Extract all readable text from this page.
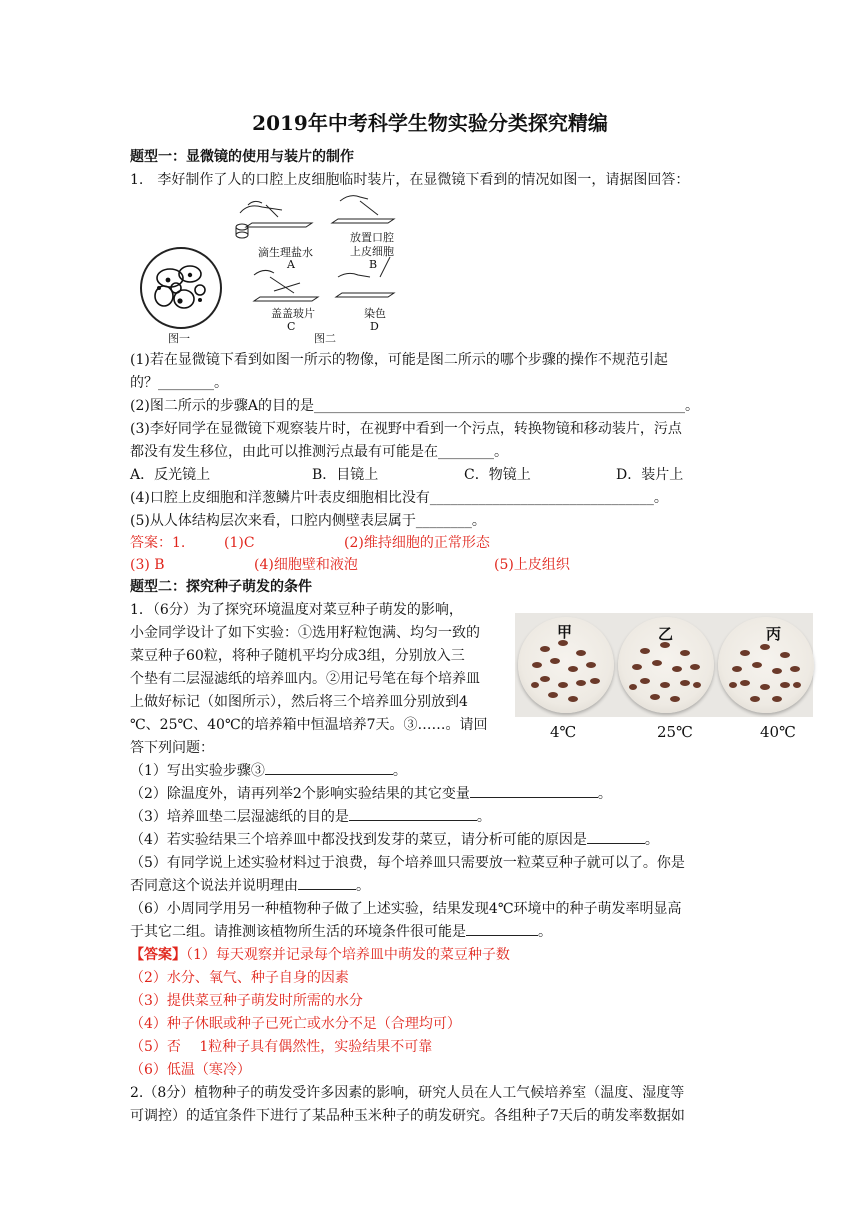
2019年中考科学生物实验分类探究精编
题型一：显微镜的使用与装片的制作
1.　李好制作了人的口腔上皮细胞临时装片，在显微镜下看到的情况如图一，请据图回答：
图一
滴生理盐水
A
放置口腔
上皮细胞
B
盖盖玻片
C
染色
D
图二
(1)若在显微镜下看到如图一所示的物像，可能是图二所示的哪个步骤的操作不规范引起
的？________。
(2)图二所示的步骤A的目的是_____________________________________________________。
(3)李好同学在显微镜下观察装片时，在视野中看到一个污点，转换物镜和移动装片，污点
都没有发生移位，由此可以推测污点最有可能是在________。
A．反光镜上	B．目镜上	C．物镜上	D．装片上
(4)口腔上皮细胞和洋葱鳞片叶表皮细胞相比没有________________________________。
(5)从人体结构层次来看，口腔内侧壁表层属于________。
答案：1.	(1)C	(2)维持细胞的正常形态
(3) B	(4)细胞壁和液泡	(5)上皮组织
题型二：探究种子萌发的条件
1．（6分）为了探究环境温度对菜豆种子萌发的影响，
小金同学设计了如下实验：①选用籽粒饱满、均匀一致的
菜豆种子60粒，将种子随机平均分成3组，分别放入三
个垫有二层湿滤纸的培养皿内。②用记号笔在每个培养皿
上做好标记（如图所示），然后将三个培养皿分别放到4
℃、25℃、40℃的培养箱中恒温培养7天。③……。请回
答下列问题：
甲	乙	丙
4℃	25℃	40℃
（1）写出实验步骤③	。
（2）除温度外，请再列举2个影响实验结果的其它变量	。
（3）培养皿垫二层湿滤纸的目的是	。
（4）若实验结果三个培养皿中都没找到发芽的菜豆，请分析可能的原因是	。
（5）有同学说上述实验材料过于浪费，每个培养皿只需要放一粒菜豆种子就可以了。你是
否同意这个说法并说明理由	。
（6）小周同学用另一种植物种子做了上述实验，结果发现4℃环境中的种子萌发率明显高
于其它二组。请推测该植物所生活的环境条件很可能是	。
【答案】（1）每天观察并记录每个培养皿中萌发的菜豆种子数
（2）水分、氧气、种子自身的因素
（3）提供菜豆种子萌发时所需的水分
（4）种子休眠或种子已死亡或水分不足（合理均可）
（5）否　 1粒种子具有偶然性，实验结果不可靠
（6）低温（寒冷）
2.（8分）植物种子的萌发受许多因素的影响，研究人员在人工气候培养室（温度、湿度等
可调控）的适宜条件下进行了某品种玉米种子的萌发研究。各组种子7天后的萌发率数据如
